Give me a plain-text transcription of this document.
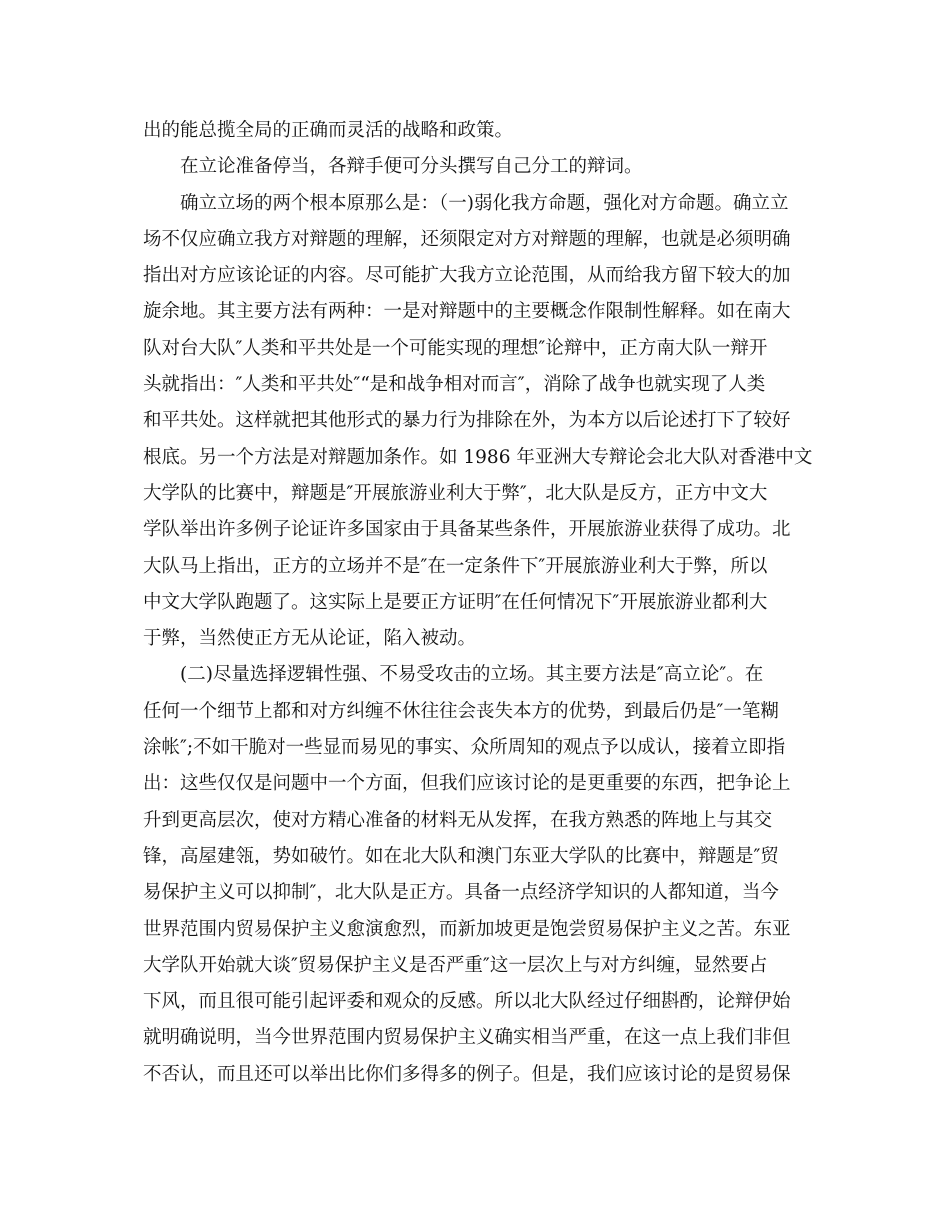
出的能总揽全局的正确而灵活的战略和政策。
在立论准备停当，各辩手便可分头撰写自己分工的辩词。
确立立场的两个根本原那么是：（一)弱化我方命题，强化对方命题。确立立
场不仅应确立我方对辩题的理解，还须限定对方对辩题的理解，也就是必须明确
指出对方应该论证的内容。尽可能扩大我方立论范围，从而给我方留下较大的加
旋余地。其主要方法有两种：一是对辩题中的主要概念作限制性解释。如在南大
队对台大队″人类和平共处是一个可能实现的理想″论辩中，正方南大队一辩开
头就指出：″人类和平共处″“是和战争相对而言″，消除了战争也就实现了人类
和平共处。这样就把其他形式的暴力行为排除在外，为本方以后论述打下了较好
根底。另一个方法是对辩题加条作。如 1986 年亚洲大专辩论会北大队对香港中文
大学队的比赛中，辩题是″开展旅游业利大于弊″，北大队是反方，正方中文大
学队举出许多例子论证许多国家由于具备某些条件，开展旅游业获得了成功。北
大队马上指出，正方的立场并不是″在一定条件下″开展旅游业利大于弊，所以
中文大学队跑题了。这实际上是要正方证明″在任何情况下″开展旅游业都利大
于弊，当然使正方无从论证，陷入被动。
(二)尽量选择逻辑性强、不易受攻击的立场。其主要方法是″高立论″。在
任何一个细节上都和对方纠缠不休往往会丧失本方的优势，到最后仍是″一笔糊
涂帐″;不如干脆对一些显而易见的事实、众所周知的观点予以成认，接着立即指
出：这些仅仅是问题中一个方面，但我们应该讨论的是更重要的东西，把争论上
升到更高层次，使对方精心准备的材料无从发挥，在我方熟悉的阵地上与其交
锋，高屋建瓴，势如破竹。如在北大队和澳门东亚大学队的比赛中，辩题是″贸
易保护主义可以抑制″，北大队是正方。具备一点经济学知识的人都知道，当今
世界范围内贸易保护主义愈演愈烈，而新加坡更是饱尝贸易保护主义之苦。东亚
大学队开始就大谈″贸易保护主义是否严重″这一层次上与对方纠缠，显然要占
下风，而且很可能引起评委和观众的反感。所以北大队经过仔细斟酌，论辩伊始
就明确说明，当今世界范围内贸易保护主义确实相当严重，在这一点上我们非但
不否认，而且还可以举出比你们多得多的例子。但是，我们应该讨论的是贸易保
